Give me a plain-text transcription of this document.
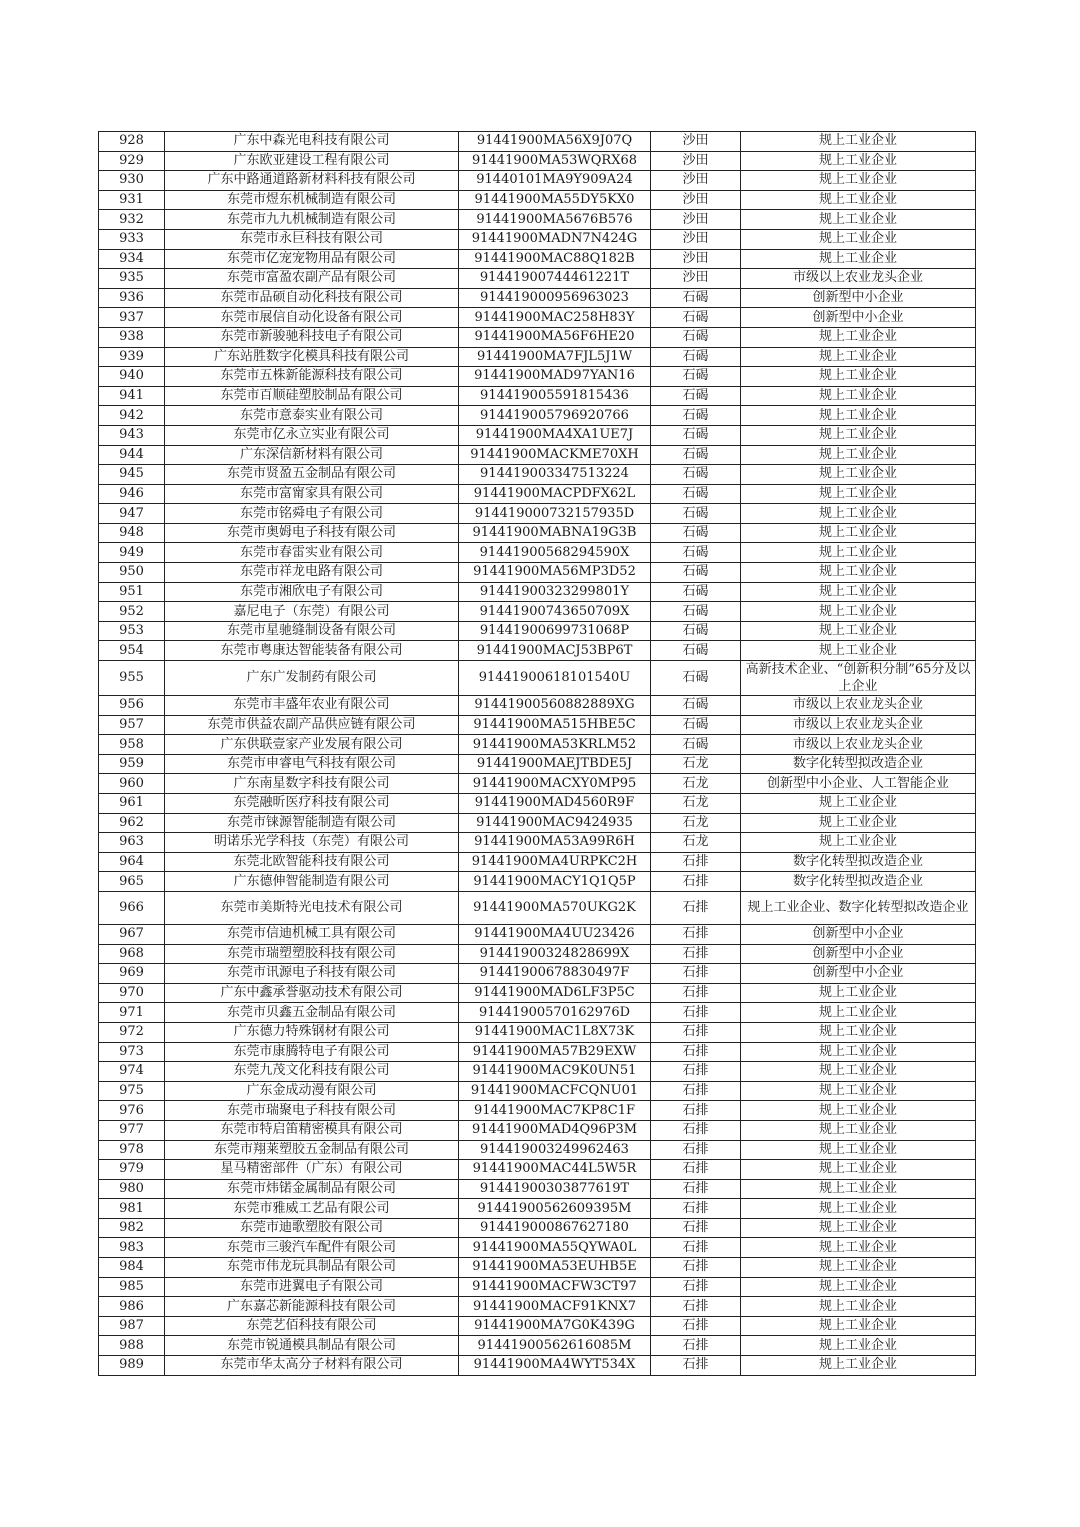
928	广东中森光电科技有限公司	91441900MA56X9J07Q	沙田	规上工业企业
929	广东欧亚建设工程有限公司	91441900MA53WQRX68	沙田	规上工业企业
930	广东中路通道路新材料科技有限公司	91440101MA9Y909A24	沙田	规上工业企业
931	东莞市煜东机械制造有限公司	91441900MA55DY5KX0	沙田	规上工业企业
932	东莞市九九机械制造有限公司	91441900MA5676B576	沙田	规上工业企业
933	东莞市永巨科技有限公司	91441900MADN7N424G	沙田	规上工业企业
934	东莞市亿宠宠物用品有限公司	91441900MAC88Q182B	沙田	规上工业企业
935	东莞市富盈农副产品有限公司	91441900744461221T	沙田	市级以上农业龙头企业
936	东莞市品硕自动化科技有限公司	914419000956963023	石碣	创新型中小企业
937	东莞市展信自动化设备有限公司	91441900MAC258H83Y	石碣	创新型中小企业
938	东莞市新骏驰科技电子有限公司	91441900MA56F6HE20	石碣	规上工业企业
939	广东站胜数字化模具科技有限公司	91441900MA7FJL5J1W	石碣	规上工业企业
940	东莞市五株新能源科技有限公司	91441900MAD97YAN16	石碣	规上工业企业
941	东莞市百顺硅塑胶制品有限公司	914419005591815436	石碣	规上工业企业
942	东莞市意泰实业有限公司	914419005796920766	石碣	规上工业企业
943	东莞市亿永立实业有限公司	91441900MA4XA1UE7J	石碣	规上工业企业
944	广东深信新材料有限公司	91441900MACKME70XH	石碣	规上工业企业
945	东莞市贤盈五金制品有限公司	914419003347513224	石碣	规上工业企业
946	东莞市富甯家具有限公司	91441900MACPDFX62L	石碣	规上工业企业
947	东莞市铭舜电子有限公司	914419000732157935D	石碣	规上工业企业
948	东莞市奥姆电子科技有限公司	91441900MABNA19G3B	石碣	规上工业企业
949	东莞市春雷实业有限公司	91441900568294590X	石碣	规上工业企业
950	东莞市祥龙电路有限公司	91441900MA56MP3D52	石碣	规上工业企业
951	东莞市湘欣电子有限公司	91441900323299801Y	石碣	规上工业企业
952	嘉尼电子（东莞）有限公司	91441900743650709X	石碣	规上工业企业
953	东莞市星驰缝制设备有限公司	91441900699731068P	石碣	规上工业企业
954	东莞市粤康达智能装备有限公司	91441900MACJ53BP6T	石碣	规上工业企业
955	广东广发制药有限公司	91441900618101540U	石碣	高新技术企业、“创新积分制”65分及以上企业
956	东莞市丰盛年农业有限公司	91441900560882889XG	石碣	市级以上农业龙头企业
957	东莞市供益农副产品供应链有限公司	91441900MA515HBE5C	石碣	市级以上农业龙头企业
958	广东供联壹家产业发展有限公司	91441900MA53KRLM52	石碣	市级以上农业龙头企业
959	东莞市申睿电气科技有限公司	91441900MAEJTBDE5J	石龙	数字化转型拟改造企业
960	广东南星数字科技有限公司	91441900MACXY0MP95	石龙	创新型中小企业、人工智能企业
961	东莞融昕医疗科技有限公司	91441900MAD4560R9F	石龙	规上工业企业
962	东莞市铼源智能制造有限公司	91441900MAC9424935	石龙	规上工业企业
963	明诺乐光学科技（东莞）有限公司	91441900MA53A99R6H	石龙	规上工业企业
964	东莞北欧智能科技有限公司	91441900MA4URPKC2H	石排	数字化转型拟改造企业
965	广东德伸智能制造有限公司	91441900MACY1Q1Q5P	石排	数字化转型拟改造企业
966	东莞市美斯特光电技术有限公司	91441900MA570UKG2K	石排	规上工业企业、数字化转型拟改造企业
967	东莞市信迪机械工具有限公司	91441900MA4UU23426	石排	创新型中小企业
968	东莞市瑞塑塑胶科技有限公司	91441900324828699X	石排	创新型中小企业
969	东莞市讯源电子科技有限公司	91441900678830497F	石排	创新型中小企业
970	广东中鑫承誉驱动技术有限公司	91441900MAD6LF3P5C	石排	规上工业企业
971	东莞市贝鑫五金制品有限公司	91441900570162976D	石排	规上工业企业
972	广东德力特殊钢材有限公司	91441900MAC1L8X73K	石排	规上工业企业
973	东莞市康腾特电子有限公司	91441900MA57B29EXW	石排	规上工业企业
974	东莞九茂文化科技有限公司	91441900MAC9K0UN51	石排	规上工业企业
975	广东金成动漫有限公司	91441900MACFCQNU01	石排	规上工业企业
976	东莞市瑞聚电子科技有限公司	91441900MAC7KP8C1F	石排	规上工业企业
977	东莞市特启笛精密模具有限公司	91441900MAD4Q96P3M	石排	规上工业企业
978	东莞市翔莱塑胶五金制品有限公司	914419003249962463	石排	规上工业企业
979	星马精密部件（广东）有限公司	91441900MAC44L5W5R	石排	规上工业企业
980	东莞市炜锘金属制品有限公司	91441900303877619T	石排	规上工业企业
981	东莞市雅威工艺品有限公司	91441900562609395M	石排	规上工业企业
982	东莞市迪歌塑胶有限公司	914419000867627180	石排	规上工业企业
983	东莞市三骏汽车配件有限公司	91441900MA55QYWA0L	石排	规上工业企业
984	东莞市伟龙玩具制品有限公司	91441900MA53EUHB5E	石排	规上工业企业
985	东莞市进翼电子有限公司	91441900MACFW3CT97	石排	规上工业企业
986	广东嘉芯新能源科技有限公司	91441900MACF91KNX7	石排	规上工业企业
987	东莞艺佰科技有限公司	91441900MA7G0K439G	石排	规上工业企业
988	东莞市锐通模具制品有限公司	91441900562616085M	石排	规上工业企业
989	东莞市华太高分子材料有限公司	91441900MA4WYT534X	石排	规上工业企业
